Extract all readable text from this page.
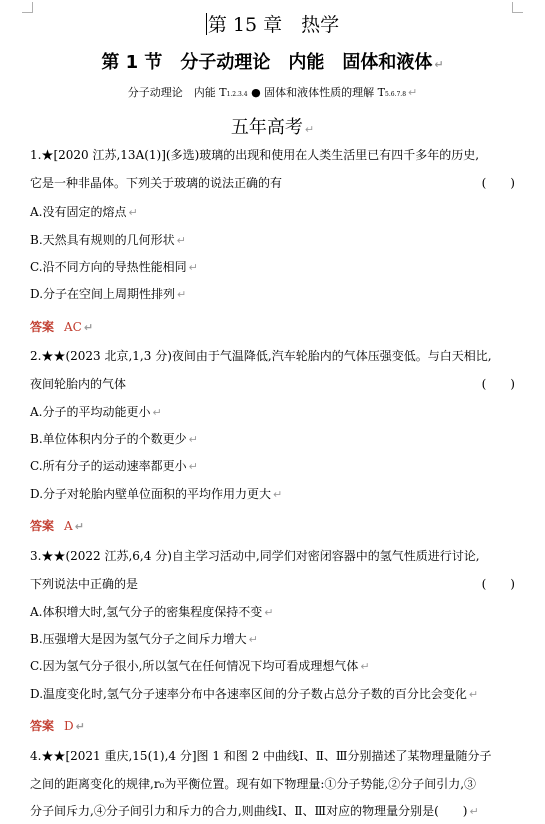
第 15 章　热学
第 1 节　分子动理论　内能　固体和液体 ↵
分子动理论　内能 T1.2.3.4 ● 固体和液体性质的理解 T5.6.7.8 ↵
五年高考 ↵
1.★[2020 江苏,13A(1)](多选)玻璃的出现和使用在人类生活里已有四千多年的历史,
它是一种非晶体。下列关于玻璃的说法正确的有	(　　)
A.没有固定的熔点 ↵
B.天然具有规则的几何形状 ↵
C.沿不同方向的导热性能相同 ↵
D.分子在空间上周期性排列 ↵
答案 AC ↵
2.★★(2023 北京,1,3 分)夜间由于气温降低,汽车轮胎内的气体压强变低。与白天相比,
夜间轮胎内的气体	(　　)
A.分子的平均动能更小 ↵
B.单位体积内分子的个数更少 ↵
C.所有分子的运动速率都更小 ↵
D.分子对轮胎内壁单位面积的平均作用力更大 ↵
答案 A ↵
3.★★(2022 江苏,6,4 分)自主学习活动中,同学们对密闭容器中的氢气性质进行讨论,
下列说法中正确的是	(　　)
A.体积增大时,氢气分子的密集程度保持不变 ↵
B.压强增大是因为氢气分子之间斥力增大 ↵
C.因为氢气分子很小,所以氢气在任何情况下均可看成理想气体 ↵
D.温度变化时,氢气分子速率分布中各速率区间的分子数占总分子数的百分比会变化 ↵
答案 D ↵
4.★★[2021 重庆,15(1),4 分]图 1 和图 2 中曲线Ⅰ、Ⅱ、Ⅲ分别描述了某物理量随分子
之间的距离变化的规律,r₀为平衡位置。现有如下物理量:①分子势能,②分子间引力,③
分子间斥力,④分子间引力和斥力的合力,则曲线Ⅰ、Ⅱ、Ⅲ对应的物理量分别是(　　) ↵
